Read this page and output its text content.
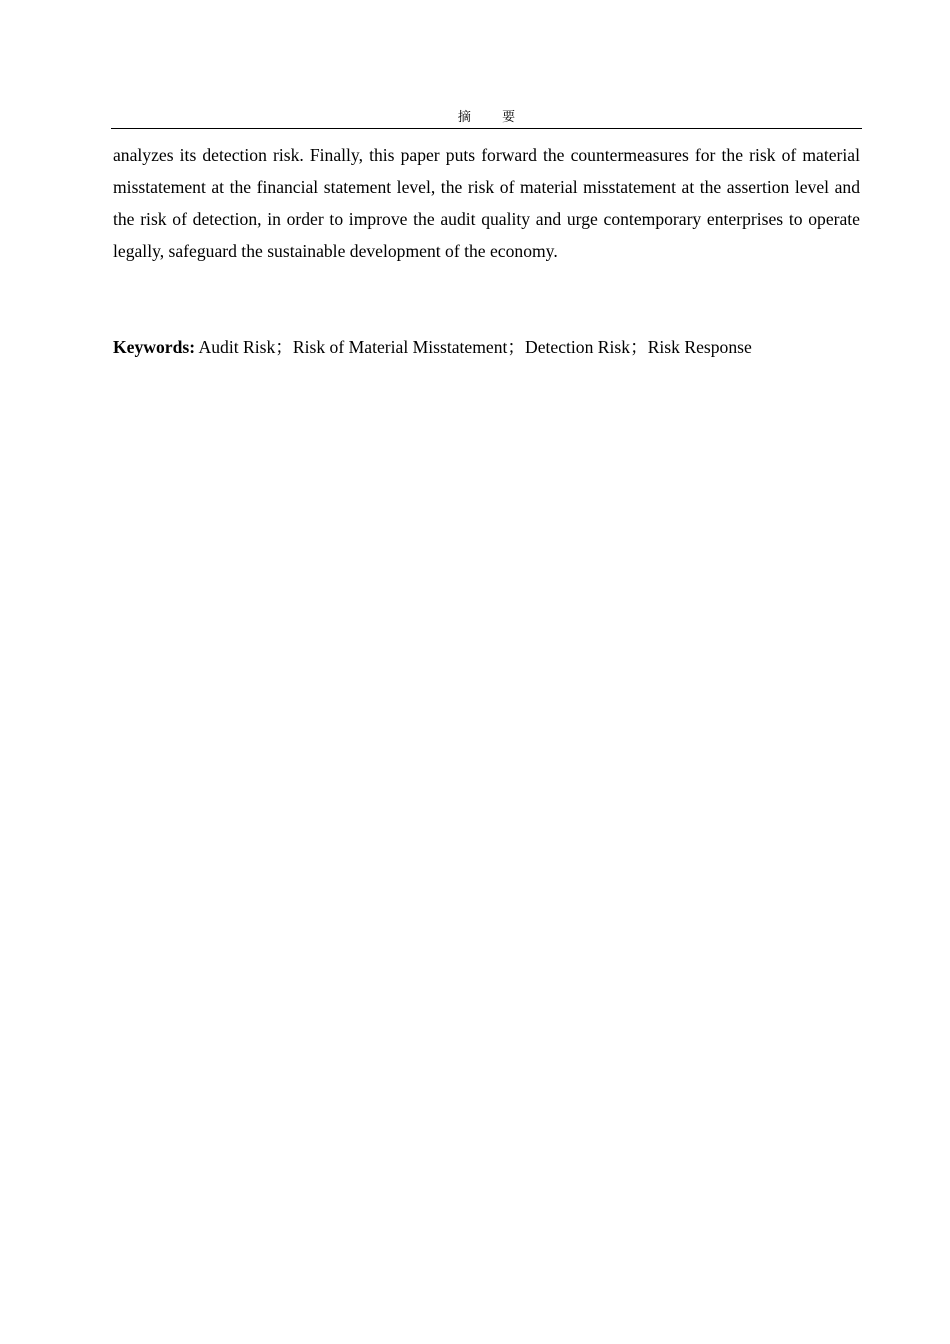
摘 要

analyzes its detection risk. Finally, this paper puts forward the countermeasures for the risk of material misstatement at the financial statement level, the risk of material misstatement at the assertion level and the risk of detection, in order to improve the audit quality and urge contemporary enterprises to operate legally, safeguard the sustainable development of the economy.

Keywords: Audit Risk；Risk of Material Misstatement；Detection Risk；Risk Response
